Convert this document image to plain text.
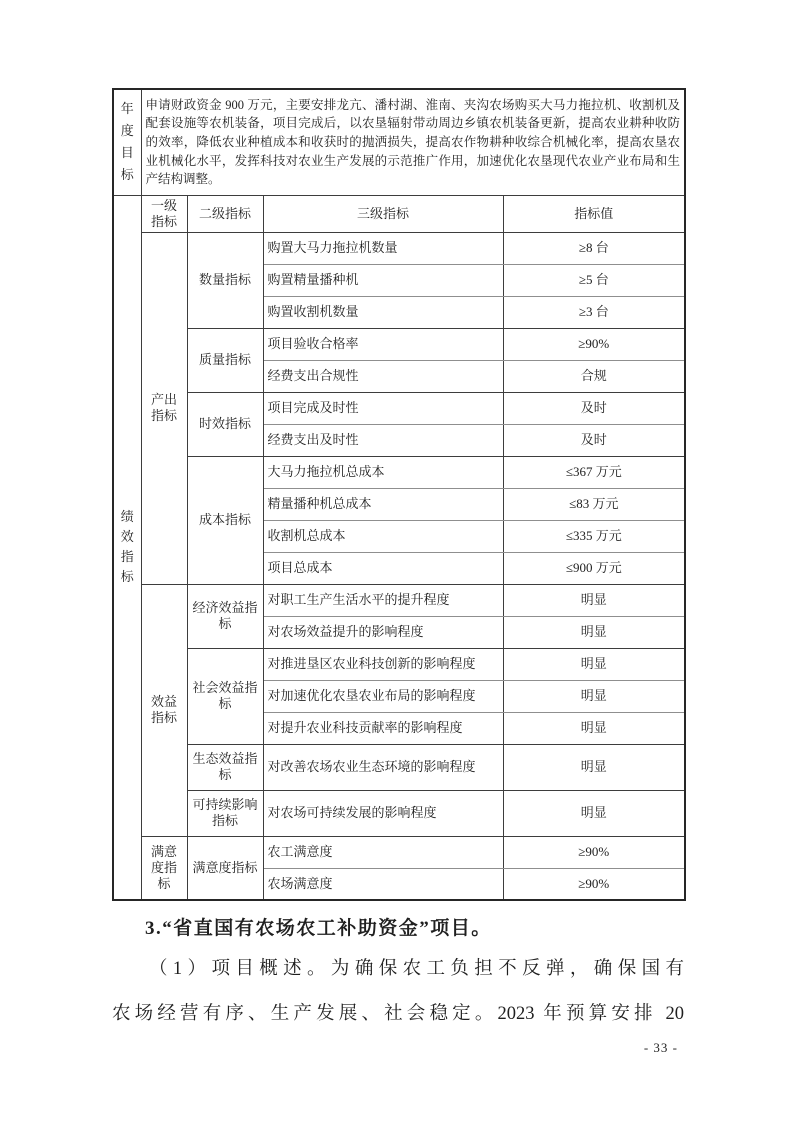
年度目标	申请财政资金 900 万元，主要安排龙亢、潘村湖、淮南、夹沟农场购买大马力拖拉机、收割机及
配套设施等农机装备，项目完成后，以农垦辐射带动周边乡镇农机装备更新，提高农业耕种收防
的效率，降低农业种植成本和收获时的抛洒损失，提高农作物耕种收综合机械化率，提高农垦农
业机械化水平，发挥科技对农业生产发展的示范推广作用，加速优化农垦现代农业产业布局和生
产结构调整。			

绩效指标	一级指标	二级指标	三级指标	指标值
	产出指标	数量指标	购置大马力拖拉机数量	≥8 台
			购置精量播种机	≥5 台
			购置收割机数量	≥3 台
		质量指标	项目验收合格率	≥90%
			经费支出合规性	合规
		时效指标	项目完成及时性	及时
			经费支出及时性	及时
		成本指标	大马力拖拉机总成本	≤367 万元
			精量播种机总成本	≤83 万元
			收割机总成本	≤335 万元
			项目总成本	≤900 万元
	效益指标	经济效益指标	对职工生产生活水平的提升程度	明显
			对农场效益提升的影响程度	明显
		社会效益指标	对推进垦区农业科技创新的影响程度	明显
			对加速优化农垦农业布局的影响程度	明显
			对提升农业科技贡献率的影响程度	明显
		生态效益指标	对改善农场农业生态环境的影响程度	明显
		可持续影响指标	对农场可持续发展的影响程度	明显
	满意度指标	满意度指标	农工满意度	≥90%
			农场满意度	≥90%
3.“省直国有农场农工补助资金”项目。
（1）项目概述。为确保农工负担不反弹，确保国有
农场经营有序、生产发展、社会稳定。2023 年预算安排 20
- 33 -
